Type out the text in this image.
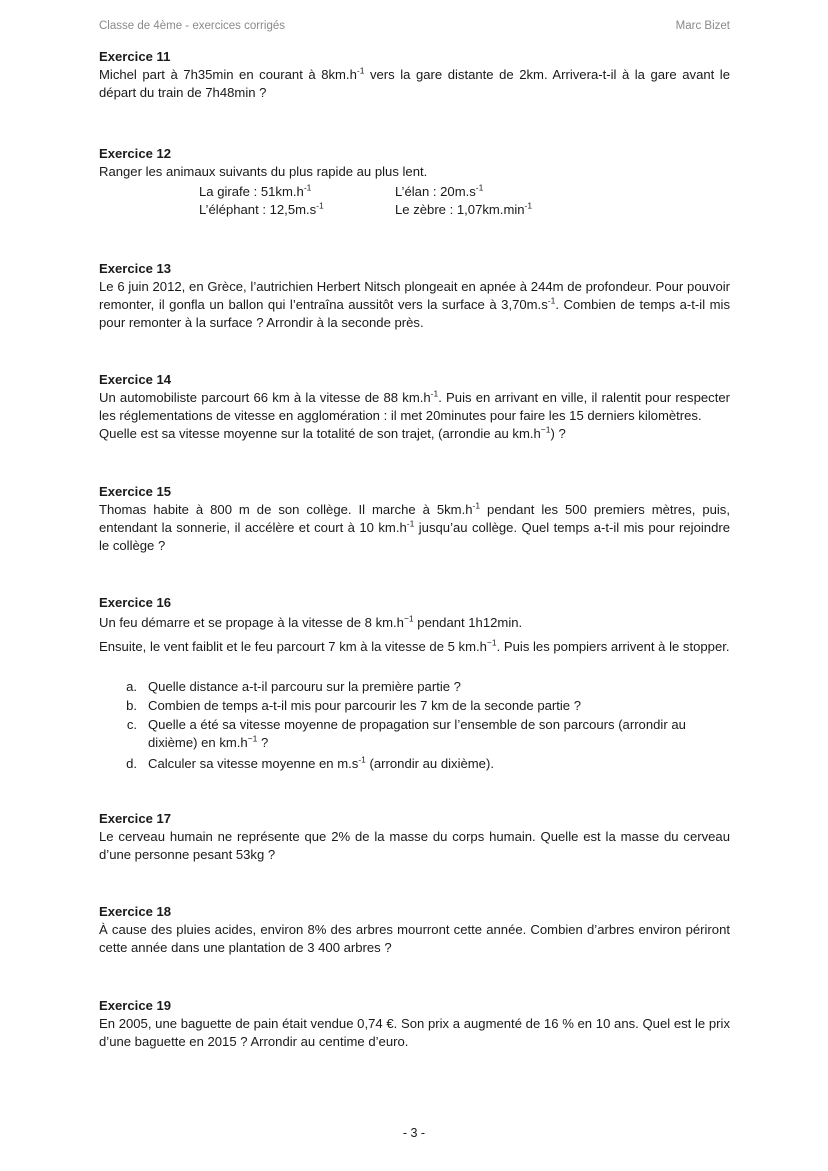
Classe de 4ème - exercices corrigés	Marc Bizet

Exercice 11

Michel part à 7h35min en courant à $8km.h^{-1}$ vers la gare distante de 2km. Arrivera-t-il à la gare avant le départ du train de 7h48min ?

Exercice 12

Ranger les animaux suivants du plus rapide au plus lent.

La girafe : $51km.h^{-1}$	L’élan : $20m.s^{-1}$
L’éléphant : $12,5m.s^{-1}$	Le zèbre : $1,07km.\min^{-1}$

Exercice 13

Le 6 juin 2012, en Grèce, l’autrichien Herbert Nitsch plongeait en apnée à 244m de profondeur. Pour pouvoir remonter, il gonfla un ballon qui l’entraîna aussitôt vers la surface à $3,70m.s^{-1}$. Combien de temps a-t-il mis pour remonter à la surface ? Arrondir à la seconde près.

Exercice 14

Un automobiliste parcourt 66 km à la vitesse de 88 $km.h^{-1}$. Puis en arrivant en ville, il ralentit pour respecter les réglementations de vitesse en agglomération : il met 20minutes pour faire les 15 derniers kilomètres.

Quelle est sa vitesse moyenne sur la totalité de son trajet, (arrondie au $km.h^{-1}$) ?

Exercice 15

Thomas habite à 800 m de son collège. Il marche à $5km.h^{-1}$ pendant les 500 premiers mètres, puis, entendant la sonnerie, il accélère et court à 10 $km.h^{-1}$ jusqu’au collège. Quel temps a-t-il mis pour rejoindre le collège ?

Exercice 16

Un feu démarre et se propage à la vitesse de 8 $km.h^{-1}$ pendant 1h12min.

Ensuite, le vent faiblit et le feu parcourt 7 km à la vitesse de 5 $km.h^{-1}$. Puis les pompiers arrivent à le stopper.

a. Quelle distance a-t-il parcouru sur la première partie ?
b. Combien de temps a-t-il mis pour parcourir les 7 km de la seconde partie ?
c. Quelle a été sa vitesse moyenne de propagation sur l’ensemble de son parcours (arrondir au dixième) en $km.h^{-1}$ ?
d. Calculer sa vitesse moyenne en $m.s^{-1}$ (arrondir au dixième).

Exercice 17

Le cerveau humain ne représente que 2% de la masse du corps humain. Quelle est la masse du cerveau d’une personne pesant 53kg ?

Exercice 18

À cause des pluies acides, environ 8% des arbres mourront cette année. Combien d’arbres environ périront cette année dans une plantation de 3 400 arbres ?

Exercice 19

En 2005, une baguette de pain était vendue 0,74 €. Son prix a augmenté de 16 % en 10 ans. Quel est le prix d’une baguette en 2015 ? Arrondir au centime d’euro.

- 3 -
